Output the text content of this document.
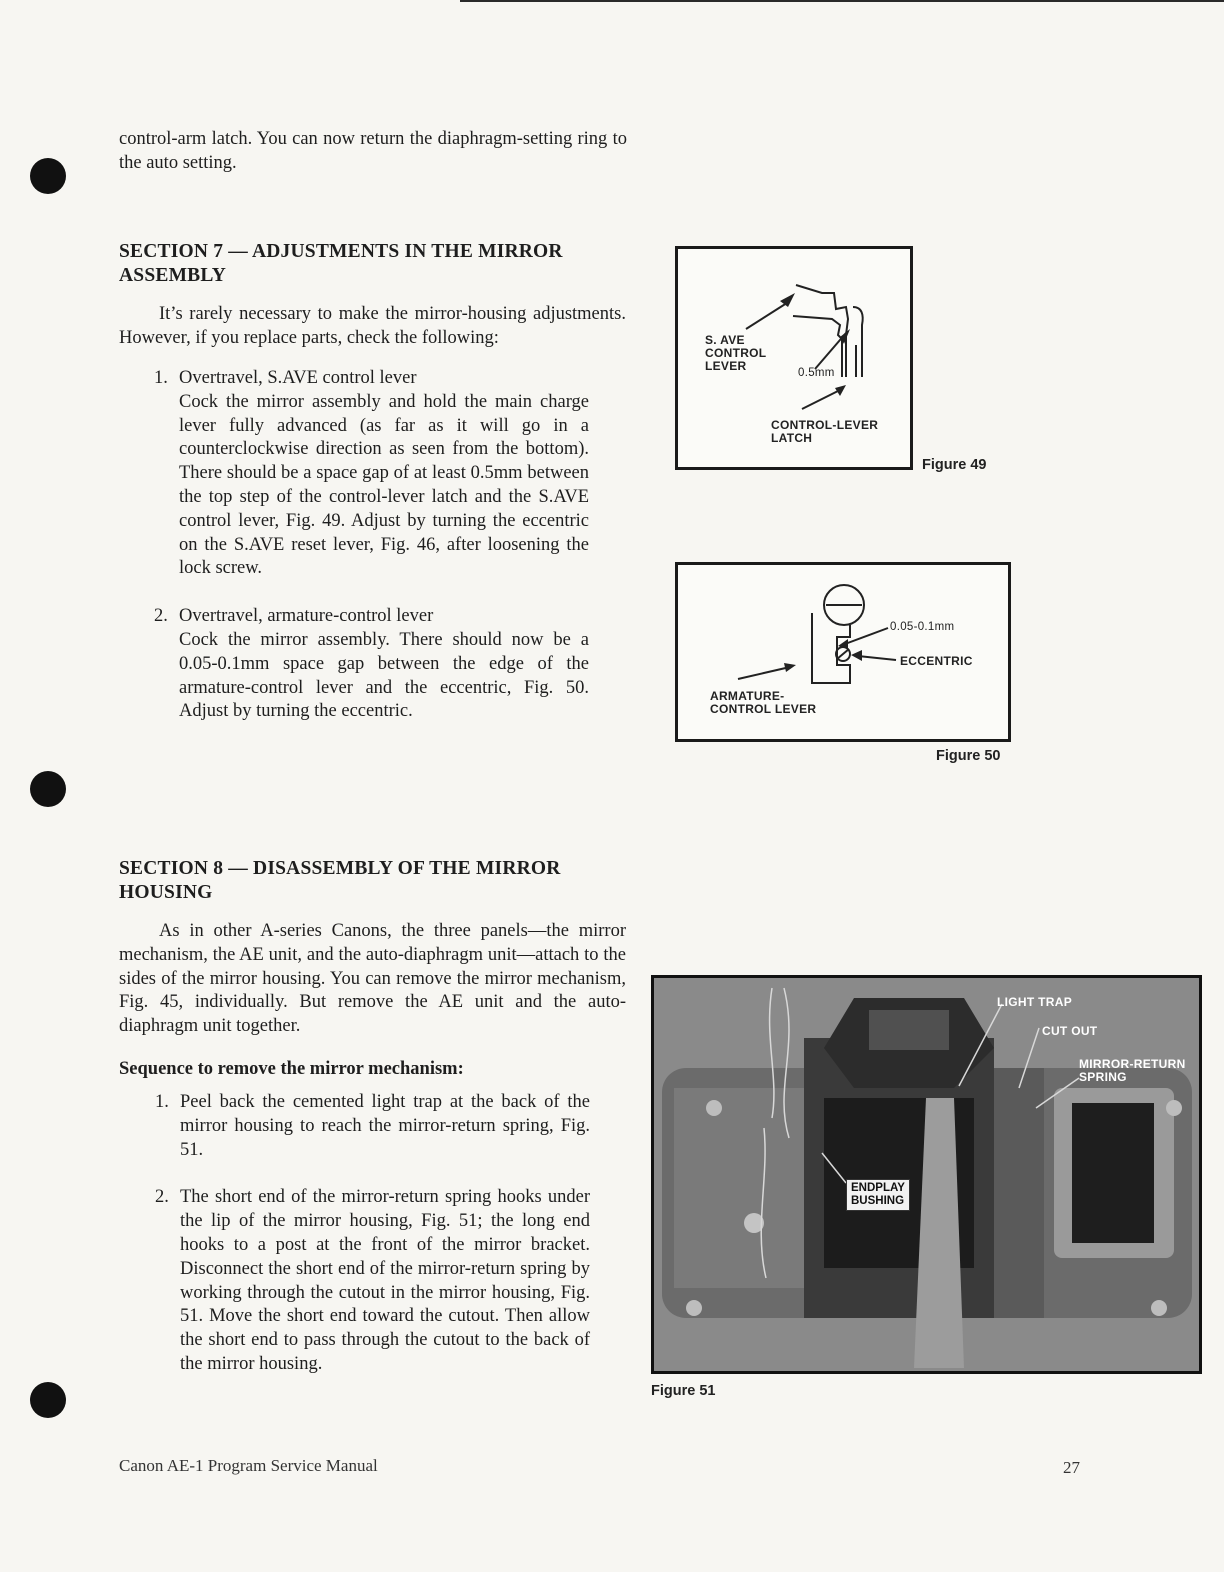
control-arm latch. You can now return the diaphragm-setting ring to the auto setting.

SECTION 7 — ADJUSTMENTS IN THE MIRROR ASSEMBLY

It’s rarely necessary to make the mirror-housing adjustments. However, if you replace parts, check the following:

1. Overtravel, S.AVE control lever
Cock the mirror assembly and hold the main charge lever fully advanced (as far as it will go in a counterclockwise direction as seen from the bottom). There should be a space gap of at least 0.5mm between the top step of the control-lever latch and the S.AVE control lever, Fig. 49. Adjust by turning the eccentric on the S.AVE reset lever, Fig. 46, after loosening the lock screw.
2. Overtravel, armature-control lever
Cock the mirror assembly. There should now be a 0.05-0.1mm space gap between the edge of the armature-control lever and the eccentric, Fig. 50. Adjust by turning the eccentric.
S. AVE
CONTROL
LEVER	0.5mm
CONTROL-LEVER
LATCH
Figure 49
0.05-0.1mm
ECCENTRIC
ARMATURE-
CONTROL LEVER
Figure 50
SECTION 8 — DISASSEMBLY OF THE MIRROR HOUSING

As in other A-series Canons, the three panels—the mirror mechanism, the AE unit, and the auto-diaphragm unit—attach to the sides of the mirror housing. You can remove the mirror mechanism, Fig. 45, individually. But remove the AE unit and the auto-diaphragm unit together.

Sequence to remove the mirror mechanism:
1. Peel back the cemented light trap at the back of the mirror housing to reach the mirror-return spring, Fig. 51.
2. The short end of the mirror-return spring hooks under the lip of the mirror housing, Fig. 51; the long end hooks to a post at the front of the mirror bracket. Disconnect the short end of the mirror-return spring by working through the cutout in the mirror housing, Fig. 51. Move the short end toward the cutout. Then allow the short end to pass through the cutout to the back of the mirror housing.
LIGHT TRAP
CUT OUT
MIRROR-RETURN
SPRING
ENDPLAY
BUSHING
Figure 51
Canon AE-1 Program Service Manual	27
